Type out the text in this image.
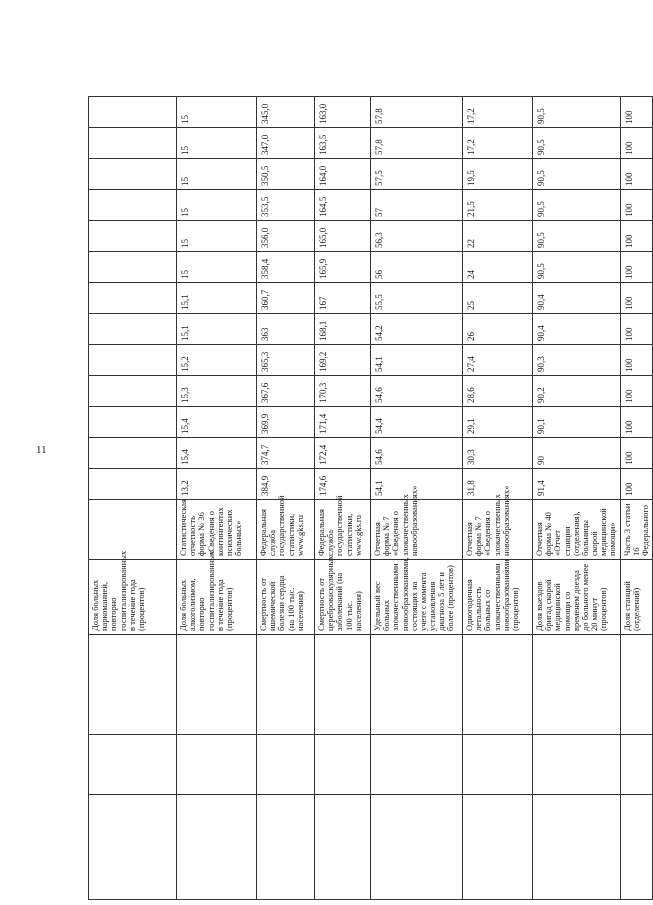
11
			Доля больных наркоманией, повторно госпитализированных в течение года (процентов)														
			Доля больных алкоголизмом, повторно госпитализированных в течение года (процентов)	Статистическая отчетность форма № 36 «Сведения о контингентах психических больных»	13,2	15,4	15,4	15,3	15,2	15,1	15,1	15	15	15	15	15	15
			Смертность от ишемической болезни сердца (на 100 тыс. населения)	Федеральная служба государственной статистики, www.gks.ru	384,9	374,7	369,9	367,6	365,3	363	360,7	358,4	356,0	353,5	350,5	347,0	345,0
			Смертность от цереброваскулярных заболеваний (на 100 тыс. населения)	Федеральная служба государственной статистики, www.gks.ru	174,6	172,4	171,4	170,3	169,2	168,1	167	165,9	165,0	164,5	164,0	163,5	163,0
			Удельный вес больных злокачественными новообразованиями, состоящих на учете с момента установления диагноза 5 лет и более (процентов)	Отчетная форма № 7 «Сведения о злокачественных новообразованиях»	54,1	54,6	54,4	54,6	54,1	54,2	55,5	56	56,3	57	57,5	57,8	57,8
			Одногодичная летальность больных со злокачественными новообразованиями (процентов)	Отчетная форма № 7 «Сведения о злокачественных новообразованиях»	31,8	30,3	29,1	28,6	27,4	26	25	24	22	21,5	19,5	17,2	17,2
			Доля выездов бригад скорой медицинской помощи со временем доезда до больного менее 20 минут (процентов)	Отчетная форма № 40 «Отчет станции (отделения), больницы скорой медицинской помощи»	91,4	90	90,1	90,2	90,3	90,4	90,4	90,5	90,5	90,5	90,5	90,5	90,5
			Доля станций (отделений)	Часть 3 статьи 16 Федерального	100	100	100	100	100	100	100	100	100	100	100	100	100
